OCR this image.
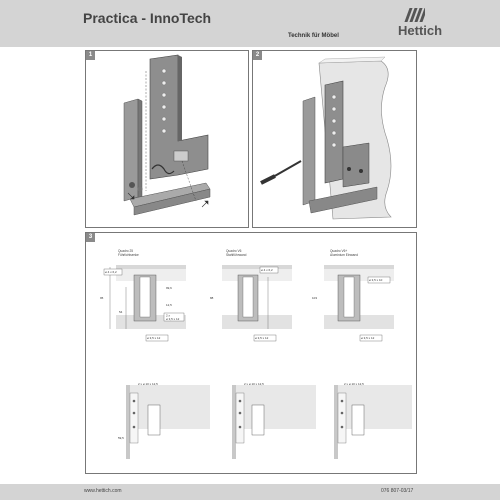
Practica - InnoTech
Technik für Möbel	Hettich
1	2
3
Quadro 25 Führlichtsenke
95
54
99,6
12,5
ø 4 x 6,2
ø 3,5 x 12
2 x
ø 3,5 x 12
Quadro V6 Stahlführwand
88
ø 4 x 6,2
ø 3,5 x 12
Quadro V6+ Aluminium Einwand
103
ø 3,5 x 10
ø 3,5 x 12
2 x ø 10 x 12,5
59,5
2 x ø 10 x 12,5	2 x ø 10 x 12,5
www.hettich.com	076 807-03/17
